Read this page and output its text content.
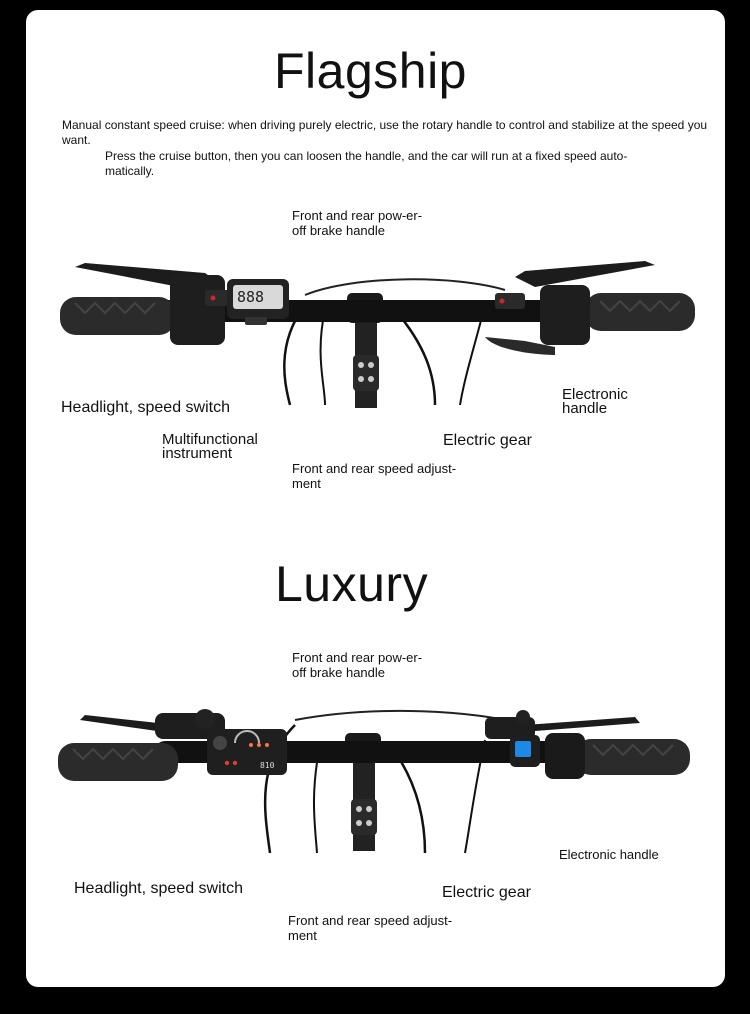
Flagship
Manual constant speed cruise: when driving purely electric, use the rotary handle to control and stabilize at the speed you want.
Press the cruise button, then you can loosen the handle, and the car will run at a fixed speed auto-matically.
Front and rear pow-er-off brake handle
888
Headlight, speed switch
Electronic handle
Multifunctional instrument
Electric gear
Front and rear speed adjust-ment
Luxury
Front and rear pow-er-off brake handle
810
Electronic handle
Headlight, speed switch	Electric gear
Front and rear speed adjust-ment
